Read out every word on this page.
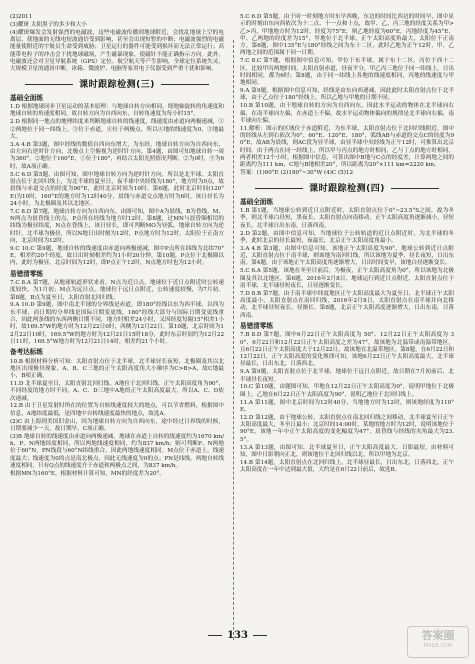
(2)2011

(3)耀斑 太阳黑子的多少和大小

(4)耀斑爆发会发射强烈的电磁波，这些电磁波传播到地球附近，会扰乱地球上空的电离层，使地面的无线电短波通信受到影响，甚至会出现短暂的中断；电磁波强烈的电磁能量使附近的宇航员生命受到威胁；卫星运行的器件可能受到损坏而无法正常运行；高能带电粒子的冲击会干扰地球磁场，产生磁暴现象，使磁针不能正确指示方向。此外，电磁波还会对卫星导航系统（GPS）定位、航空航天等产生影响，全球定位系统失灵，大规模卫星的通讯中断，冰箱、微波炉、电脑等家用电子仪器受到严重干扰和影响。

课时跟踪检测(三)
基础全面练

1.D 根据地球同步卫星运动的基本原理：与地球自转方向相同，绕地轴旋转的角速度和地球自转的角速度相同，故自转方向为自西向东，自转角速度为每小时15°。

2.D 根据同一地点的地理纬度来判断地球自转的线速度，线速度由赤道向两极递减，①②两地位于同一纬线上，③位于赤道，④位于两极点，所以④地的线速度为0，③地最大。

3.A 4.B 第3题，图中经线的数值自西向东增大，为东经，地球自转方向为自西向东，由左向右逆时针方向，北极点上空俯视为逆时针方向。第4题，由图可知地球自转一周为360°，②地位于160°E，①位于180°，再结合太阳光照情况判断，②为0时，③为6时，故A项正确。

5.C 6.D 第5题，由图可知，图中地球自转方向为逆时针方向，所以是北半球，太阳直射点位于北回归线上，为北半球的夏至日，夜半球中央经线为180°，地方时为0点，故晨线与赤道交点的经度为90°E，此时北京时间为10时。第6题，此时北京时间(120°E)为10时，160°E的地方时为12时40分，晨线与赤道交点地方时为6时，该日昼长为24小时，为北极圈及其以北地区。

7.C 8.D 第7题，地球自转方向为自西向东，由图可知，图中A为晨线，B为昏线，M、N两点为晨昏线上的点，P点所在经线为地方时12时。第8题，过MN与晨昏圈相切的纬线为极昼纬度，N点在昏线上，该日昼长，即可判断MO为昼弧，地球自转方向为逆时针，北半球为极昼，所以N地日出时刻为12时，P点地方时为12时，太阳位于正南方向，北京时间为12时。

9.C 10.C 第9题，地球自转的线速度由赤道向两极递减，图中P点所在纬线为北纬70°E，相差约20个经度，故日出时刻相差约为1小时20分钟。第10题，P点位于北极圈以内，此时为极昼，北京时间为12时，即P点正午12时，N点地方时也为12小时。

易错清零练

7.C 8.A 第7题，从地球轨道形状来看，N点为近日点，地球位于近日点附近时公转速度较快，为1月初；M点为远日点，地球位于远日点附近，公转速度较慢，为7月初。第8题，B点为夏至日，太阳直射北回归线。

9.A 10.D 第9题，图中南北半球的分界线是赤道，即180°经线以东为西半球，以西为东半球，而日期的分界线是国际日期变更线，180°经线大部分与国际日期变更线重合，因此两条线的东西两侧日期不同，地方时相差24小时，又因经度每隔15°相差1小时，故169.5°W的地方时为12月22日0时，西侧为12月22日。第10题，北京时间为12月22日10时，169.5°W的地方时为12月21日15时18分，此时东京时间约为12月22日11时，169.5°W地方时为12月21日14时，相差约21个小时。

备考达标练

10.B 根据材料分析可知：太阳直射点位于北半球，北半球昼长夜短，北极圈及其以北地区出现极昼现象，A、B、C三地的正午太阳高度角大小顺序为C>B>A，故C地最小，B项正确。

11.D 北半球夏至日，太阳直射北回归线，A地位于北回归线，正午太阳高度角为90°，不同经度的地方时不同，A、C、D三地中A地的正午太阳高度最大，所以A、C、D依次递减。

12.B 由于卫星发射时所在的位置为自转线速度较大的地点，可以节省燃料，根据图中信息，A地纬度最低，是四地中自转线速度最快的地点，故选A。

(2)C 由上海到美国旧金山，因为地球自转方向为自西向东，途中经过日界线的时候，日期要减少一天，故日期早。C项正确。

(3)B 地球自转的线速度由赤道向两极递减，地球在赤道上自转的线速度约为1670 km/h，P、N两地纬度相同，所以两地线速度相同，约为837 km/h；则可判断P、N两地位于60°N，PN线段与60°N纬线重合，因此两地线速度相同。M点位于赤道上，线速度最大；线速度为0的点是南北极点，因此无线速度为0的点；PN是纬线，两地自转线速度相同，只有Q点的线速度介于赤道和两极点之间，为837 km/h。

根据MN为160°E，根据材料计算可知，MN的经度差为20°。

5.C 6.D 第5题，由于同一时刻地方时东早西晚，东边的时间比西边的时间早，图中显示的时刻由东向西依次为十二点、十一点和十点，故甲、乙、丙三地的经度关系为甲>乙>丙，甲地地方时为12时，经度为75°E，则乙地经度为60°E，丙地经度为45°E，甲、乙两地的经度差为15°，甲地位于北半球，正午太阳高度角最大，太阳位于正南方。第6题，图中135°E与180°经线之间为东十二区，此时乙地为正午12时，甲、乙两地之间的范围属于同一日期。

7.C 8.C 第7题，根据图中信息可知，甲位于东半球，属于东十二区，丙位于西十二区，比较甲丙两地时间，太阳直射赤道，昼夜平分，甲乙丙三地位于同一纬线上，日出时间相同，都为6时；第8题，由于同一纬线上各地的线速度相同，丙地的线速度与甲地相同。

9.A 第9题，根据图中信息可知，经线是由东向西递减，因此此时太阳直射点位于北半球，由于乙点位于180°经线上，所以乙地与甲地的日期不同。

10.B 第10题，由于地球自转的方向为自西向东，因此水平运动的物体在北半球向右偏，在南半球向左偏，在赤道上不偏，故水平运动物体偏向的规律是北半球向右偏，南半球向左偏。

11.解析：图示的区域位于赤道附近，为东半球，太阳直射点位于北回归线附近，图中的经线从左到右依次为0°、60°E、120°E、180°，弧线AB与赤道的交点C的经度为90°E，故AB为晨线，则AC段为昼半球，由昼半球中央经线为正午12时，可推算出北京时间。由于两点在同一经线上，所以甲与丙点的地方时相同，乙与丁点的地方时相同，两者相差12个小时。根据图中信息，可算出图中B地与C点的经度差，计算两地之间的距离约为111 km，C地与B地相差20°，所以距离为20°×111 km=2220 km。

答案：(1)60°E (2)180°~30°W (4)C (5)12

课时跟踪检测(四)
基础全面练

1.B 第1题，当地球公转到近日点附近时，太阳直射点位于0°~23.5°S之间，故为冬季，则北半球白昼短，黑夜长，太阳直射点向南移动，正午太阳高度角逐渐减小，昼短夜长，北半球日出东南，日落西南。

2.D 第2题，由图中信息可知，当地球位于公转轨道的近日点附近时，为北半球的冬季，此时北京的昼长最短，夜最长，北京正午太阳高度角最小。

3.A 4.B 第3题，由图中信息可知，该地正午太阳高度为90°，地球公转到近日点附近，太阳直射点位于南半球，则该地为南回归线，所以该地为夏季，昼长夜短，日出东南。第4题，由于该地正午太阳高度角逐渐增大，日出时间变早，该地白昼逐渐变长。

5.C 6.A 第5题，该地在冬至日前后，为极夜，正午太阳高度角为0°，所以该地为北极圈及其以北地区。第6题，2016年2月8日，地球运行到近日点附近，太阳直射点位于南半球，北半球昼短夜长，且昼逐渐变长。

7.D 8.B 第7题，由于南半球中纬度地区正午太阳高度最大为夏至日，北半球正午太阳高度最小，太阳直射点在南回归线，2016年2月8日，太阳直射点在南半球并向北移动，北半球昼短夜长，昼渐长。第8题，北京正午太阳高度逐渐增大，日出东南，日落西南。

易错清零练

7.B 8.D 第7题，图中6月22日正午太阳高度为 50°、12月22日正午太阳高度为 30°、6月22日和12月22日正午太阳高度之差为47°，故该地为北温带或南温带地区，且6月22日正午太阳高度大于12月22日，故该地在北温带地区。第8题，在6月22日和12月22日，正午太阳高度的变化规律可知，该地6月22日正午太阳高度最大，北半球昼最长，日出东北，日落西北。

9.A 第9题，太阳直射点位于北半球，地球位于远日点附近，故日期在7月初前后，北半球昼长夜短。

10.C 第10题，由题图可知，甲地在12月22日正午太阳高度为0°，说明甲地位于北极圈上，乙地在6月22日正午太阳高度为90°，说明乙地位于北回归线上。

11.A 第11题，图中北京时间为12时40分，当地地方时为12时，则该地经度为110°E。

12.D 第12题，由于地球公转，太阳直射点在南北回归线之间移动，北半球夏至日正午太阳高度最大，冬至日最小；北京时间14:00时，某地的地方时为12时，说明该地位于90°E，该地一年中正午太阳高度的变化幅度为47°，晨昏线与经线的夹角最大为23.5°。

13.A 第13题，由图可知，北半球夏至日，正午太阳高度最大，日影最短，由材料可知，图中日影朝向正北，则该地位于北回归线以北，所以甲地为北京。

14.B 第14题，太阳直射点在北回归线上，北半球昼最长，日出东北，日落西北，正午太阳高度在一年中达到最大值，大约是在6月22日前后，故选B。

133	答案圈
MXQE.COM
